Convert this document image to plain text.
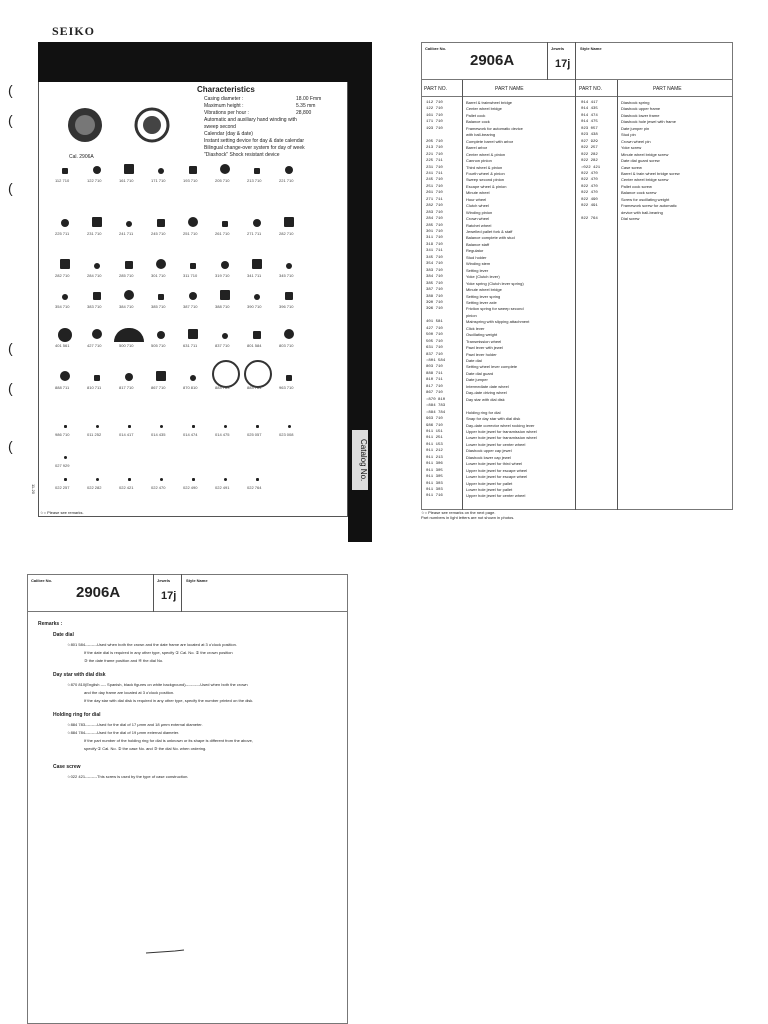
(
(
(
(
(
(
SEIKO
Cal. 2906A
Characteristics
Casing diameter :	18.00 Fmm
Maximum height :	5.35 mm
Vibrations per hour :	28,800
Automatic and auxiliary hand winding with
sweep second
Calendar (day & date)
Instant setting device for day & date calendar
Bilingual change-over system for day of week
"Diashock" Shock resistant device
112 710	122 710	161 710	171 710	193 710	205 710	213 710	221 710
225 711	231 710	241 711	245 710	251 710	261 710	271 711	282 710
282 710	284 710	285 710	301 710	311 710	319 710	341 711	345 710
354 710	383 710	384 710	385 710	387 710	388 710	390 710	396 710
401 561	427 710	500 710	505 710	631 711	837 710	801 584	803 710
888 711	810 711	817 710	867 710	870 810	884 783	884 784	963 710
986 710	011 252	014 417	014 435	014 474	014 475	025 057	023 008
027 929
022 257	022 282	022 421	022 470	022 490	022 491	022 764
Catalog No.
☆○ Please see remarks.
11-20
Calibre No.
2906A
Jewels
17j
Style Name
PART NO.	PART NAME	PART NO.	PART NAME
112 710	Barrel & trainwheel bridge
122 710	Center wheel bridge
161 710	Pallet cock
171 710	Balance cock
193 710	Framework for automatic device
with ball-bearing
205 710	Complete barrel with arbor
213 710	Barrel arbor
221 710	Center wheel & pinion
225 711	Cannon pinion
231 710	Third wheel & pinion
241 711	Fourth wheel & pinion
245 710	Sweep second pinion
251 710	Escape wheel & pinion
261 710	Minute wheel
271 711	Hour wheel
282 710	Clutch wheel
283 710	Winding pinion
284 710	Crown wheel
285 710	Ratchet wheel
301 710	Jewelled pallet fork & staff
311 710	Balance complete with stud
319 710	Balance staff
341 711	Regulator
345 710	Stud holder
354 710	Winding stem
383 710	Setting lever
384 710	Yoke (Clutch lever)
385 710	Yoke spring (Clutch lever spring)
387 710	Minute wheel bridge
388 710	Setting lever spring
390 710	Setting lever axle
396 710	Friction spring for sweep second
pinion
401 581	Mainspring with slipping attachment
427 710	Click lever
500 710	Oscillating weight
505 710	Transmission wheel
631 710	Pawl lever with jewel
837 710	Pawl lever holder
☆801 584	Date dial
803 710	Setting wheel lever complete
888 711	Date dial guard
810 711	Date jumper
817 710	Intermediate date wheel
867 710	Day-date driving wheel
☆870 810	Day star with dial disk
☆884 783
☆884 784	Holding ring for dial
963 710	Snap for day star with dial disk
986 710	Day-date corrector wheel rocking lever
011 151	Upper hole jewel for transmission wheel
011 251	Lower hole jewel for transmission wheel
011 153	Lower hole jewel for center wheel
011 212	Diashock upper cap jewel
011 213	Diashock lower cap jewel
011 306	Lower hole jewel for third wheel
011 305	Upper hole jewel for escape wheel
011 305	Lower hole jewel for escape wheel
011 303	Upper hole jewel for pallet
011 303	Lower hole jewel for pallet
011 716	Upper hole jewel for center wheel
014 417	Diashock spring
014 435	Diashock upper frame
014 474	Diashock lower frame
014 475	Diashock hole jewel with frame
023 057	Date jumper pin
023 438	Stud pin
027 929	Crown wheel pin
022 257	Yoke screw
022 282	Minute wheel bridge screw
022 282	Date dial guard screw
☆022 421	Case screw
022 470	Barrel & train wheel bridge screw
022 470	Center wheel bridge screw
022 470	Pallet cock screw
022 470	Balance cock screw
022 490	Screw for oscillating weight
022 491	Framework screw for automatic
device with ball-bearing
022 764	Dial screw
☆○ Please see remarks on the next page.
Part numbers in light letters are not shown in photos.
Calibre No.
2906A
Jewels
17j
Style Name
Remarks :
Date dial
☆801 584---------Used when both the crown and the date frame are located at 3 o'clock position.
If the date dial is required in any other type, specify ① Cal. No. ② the crown position
③ the date frame position and ④ the dial No.
Day star with dial disk
☆870 810(English ---- Spanish, black figures on white background)-----------Used when both the crown
and the day frame are located at 3 o'clock position.
If the day star with dial disk is required in any other type, specify the number printed on the disk.
Holding ring for dial
☆884 783---------Used for the dial of 17 μmm and 18 μmm external diameter.
☆884 784---------Used for the dial of 19 μmm external diameter.
If the part number of the holding ring for dial is unknown or its shape is different from the above,
specify ① Cal. No. ② the case No. and ③ the dial No. when ordering.
Case screw
☆022 421---------This screw is used by the type of case construction.
